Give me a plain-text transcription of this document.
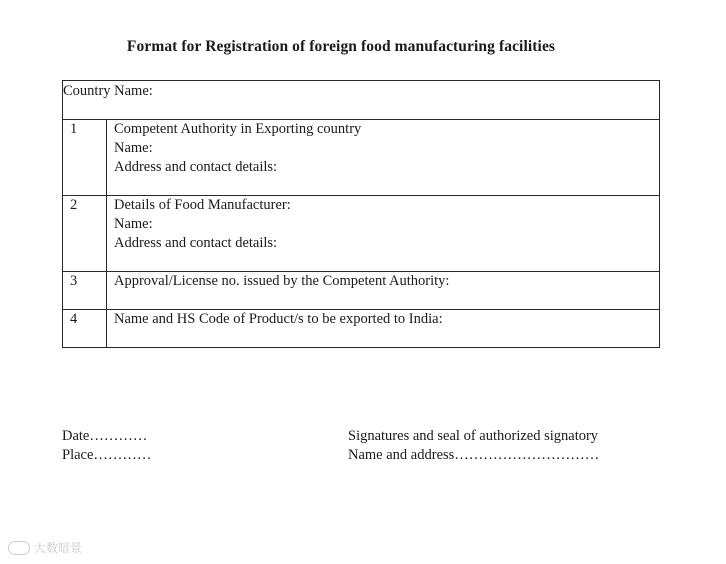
Format for Registration of foreign food manufacturing facilities
Country Name:	

1	Competent Authority in Exporting country
Name:
Address and contact details:

2	Details of Food Manufacturer:
Name:
Address and contact details:

3	Approval/License no. issued by the Competent Authority:

4	Name and HS Code of Product/s to be exported to India:
Date…………
Place…………
Signatures and seal of authorized signatory
Name and address…………………………
大数暗景
